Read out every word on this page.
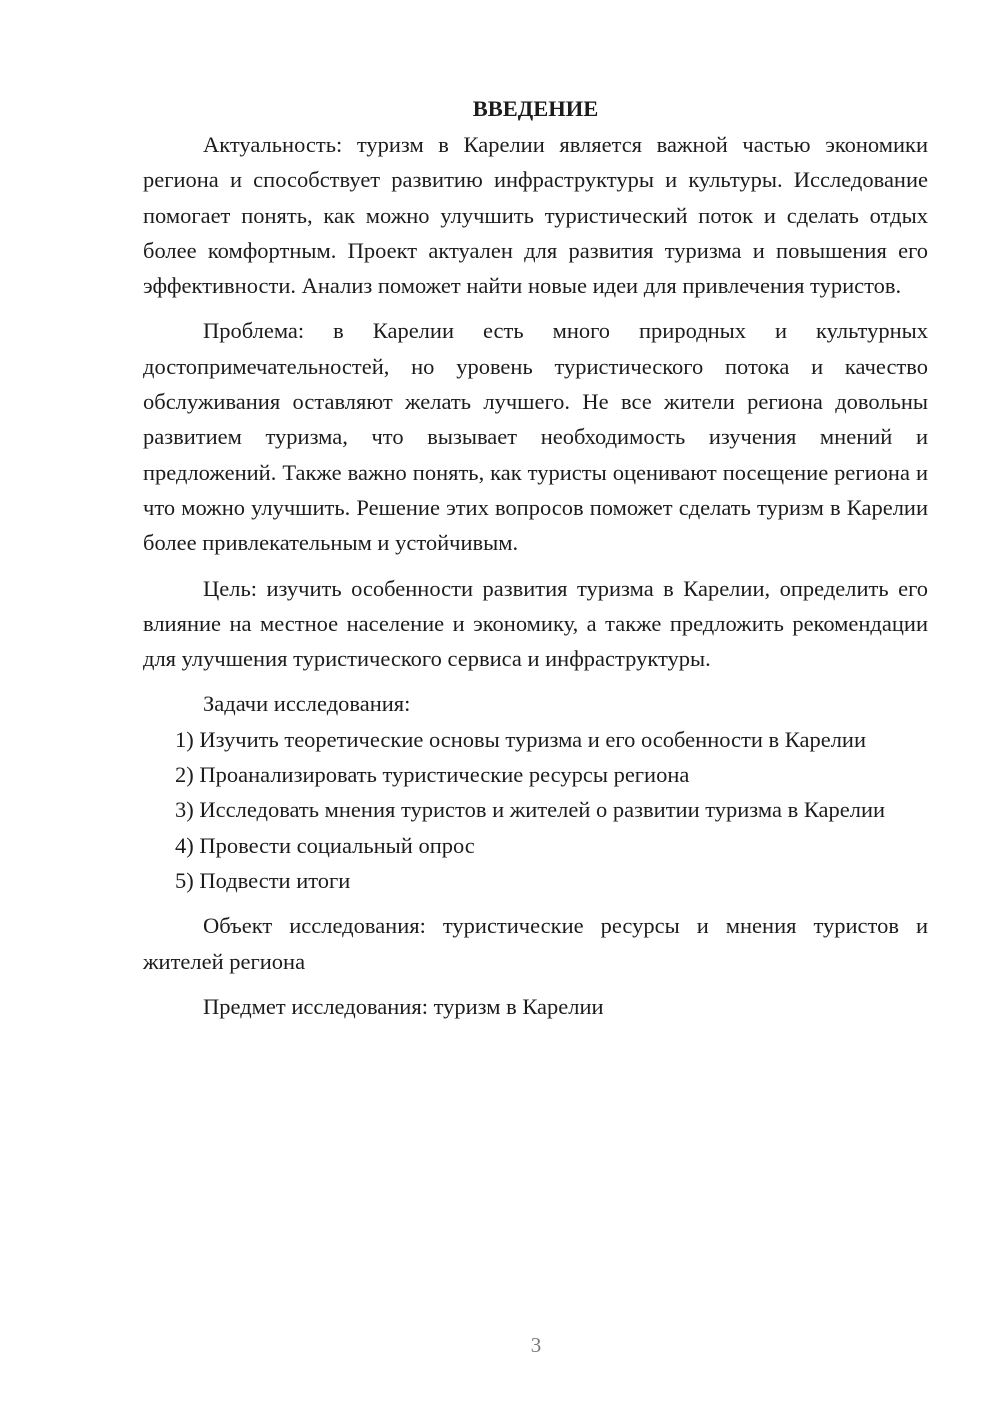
ВВЕДЕНИЕ

Актуальность: туризм в Карелии является важной частью экономики региона и способствует развитию инфраструктуры и культуры. Исследование помогает понять, как можно улучшить туристический поток и сделать отдых более комфортным. Проект актуален для развития туризма и повышения его эффективности. Анализ поможет найти новые идеи для привлечения туристов.

Проблема: в Карелии есть много природных и культурных достопримечательностей, но уровень туристического потока и качество обслуживания оставляют желать лучшего. Не все жители региона довольны развитием туризма, что вызывает необходимость изучения мнений и предложений. Также важно понять, как туристы оценивают посещение региона и что можно улучшить. Решение этих вопросов поможет сделать туризм в Карелии более привлекательным и устойчивым.

Цель: изучить особенности развития туризма в Карелии, определить его влияние на местное население и экономику, а также предложить рекомендации для улучшения туристического сервиса и инфраструктуры.

Задачи исследования:

1) Изучить теоретические основы туризма и его особенности в Карелии

2) Проанализировать туристические ресурсы региона

3) Исследовать мнения туристов и жителей о развитии туризма в Карелии

4) Провести социальный опрос

5) Подвести итоги

Объект исследования: туристические ресурсы и мнения туристов и жителей региона

Предмет исследования: туризм в Карелии

3
